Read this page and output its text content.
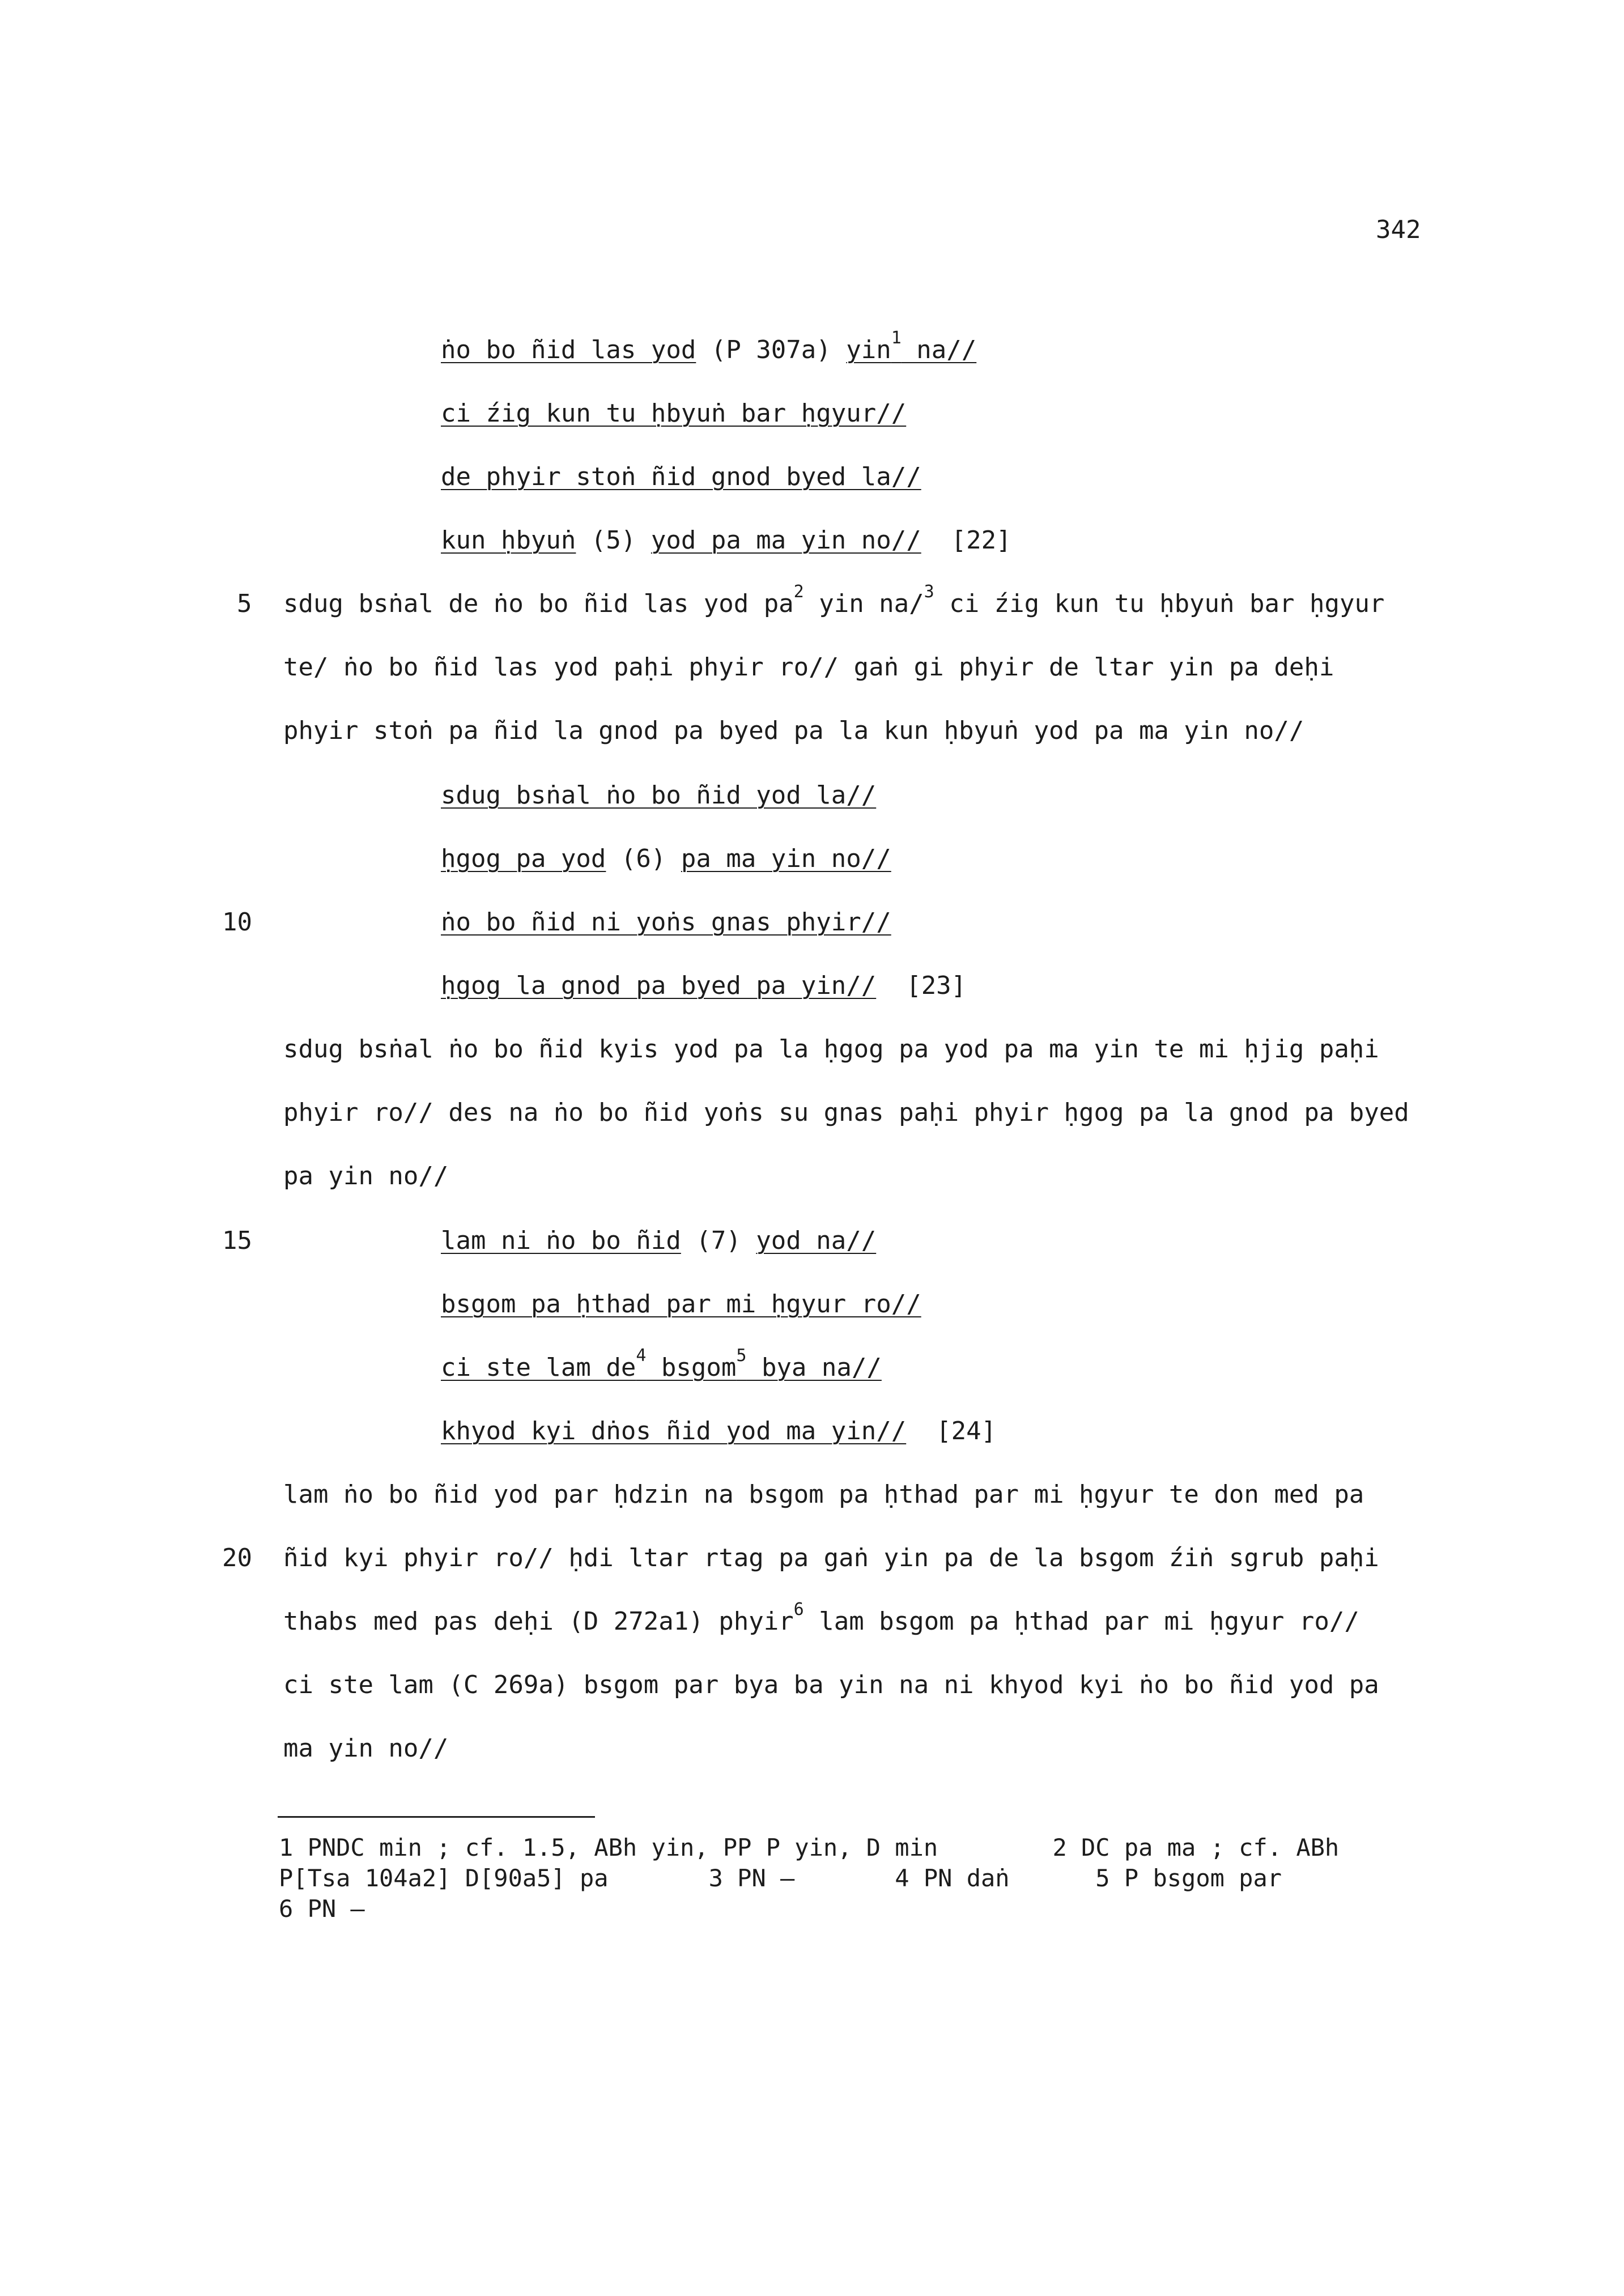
342
ṅo bo ñid las yod (P 307a) yin$^1$ na//
ci źig kun tu ḥbyuṅ bar ḥgyur//
de phyir stoṅ ñid gnod byed la//
kun ḥbyuṅ (5) yod pa ma yin no//  [22]
5 sdug bsṅal de ṅo bo ñid las yod $pa^2$ yin na/$^3$ ci źig kun tu ḥbyuṅ bar ḥgyur
te/ ṅo bo ñid las yod paḥi phyir ro// gaṅ gi phyir de ltar yin pa deḥi
phyir stoṅ pa ñid la gnod pa byed pa la kun ḥbyuṅ yod pa ma yin no//
sdug bsṅal ṅo bo ñid yod la//
ḥgog pa yod (6) pa ma yin no//
10	ṅo bo ñid ni yoṅs gnas phyir//
ḥgog la gnod pa byed pa yin//  [23]
sdug bsṅal ṅo bo ñid kyis yod pa la ḥgog pa yod pa ma yin te mi ḥjig paḥi
phyir ro// des na ṅo bo ñid yoṅs su gnas paḥi phyir ḥgog pa la gnod pa byed
pa yin no//
15	lam ni ṅo bo ñid (7) yod na//
bsgom pa ḥthad par mi ḥgyur ro//
ci ste lam $de^4$ bsgom$^5$ bya na//
khyod kyi dṅos ñid yod ma yin//  [24]
lam ṅo bo ñid yod par ḥdzin na bsgom pa ḥthad par mi ḥgyur te don med pa
20 ñid kyi phyir ro// ḥdi ltar rtag pa gaṅ yin pa de la bsgom źiṅ sgrub paḥi
thabs med pas deḥi (D 272a1) phyir$^6$ lam bsgom pa ḥthad par mi ḥgyur ro//
ci ste lam (C 269a) bsgom par bya ba yin na ni khyod kyi ṅo bo ñid yod pa
ma yin no//
1 PNDC min ; cf. 1.5, ABh yin, PP P yin, D min        2 DC pa ma ; cf. ABh
P[Tsa 104a2] D[90a5] pa       3 PN —       4 PN daṅ      5 P bsgom par
6 PN —
